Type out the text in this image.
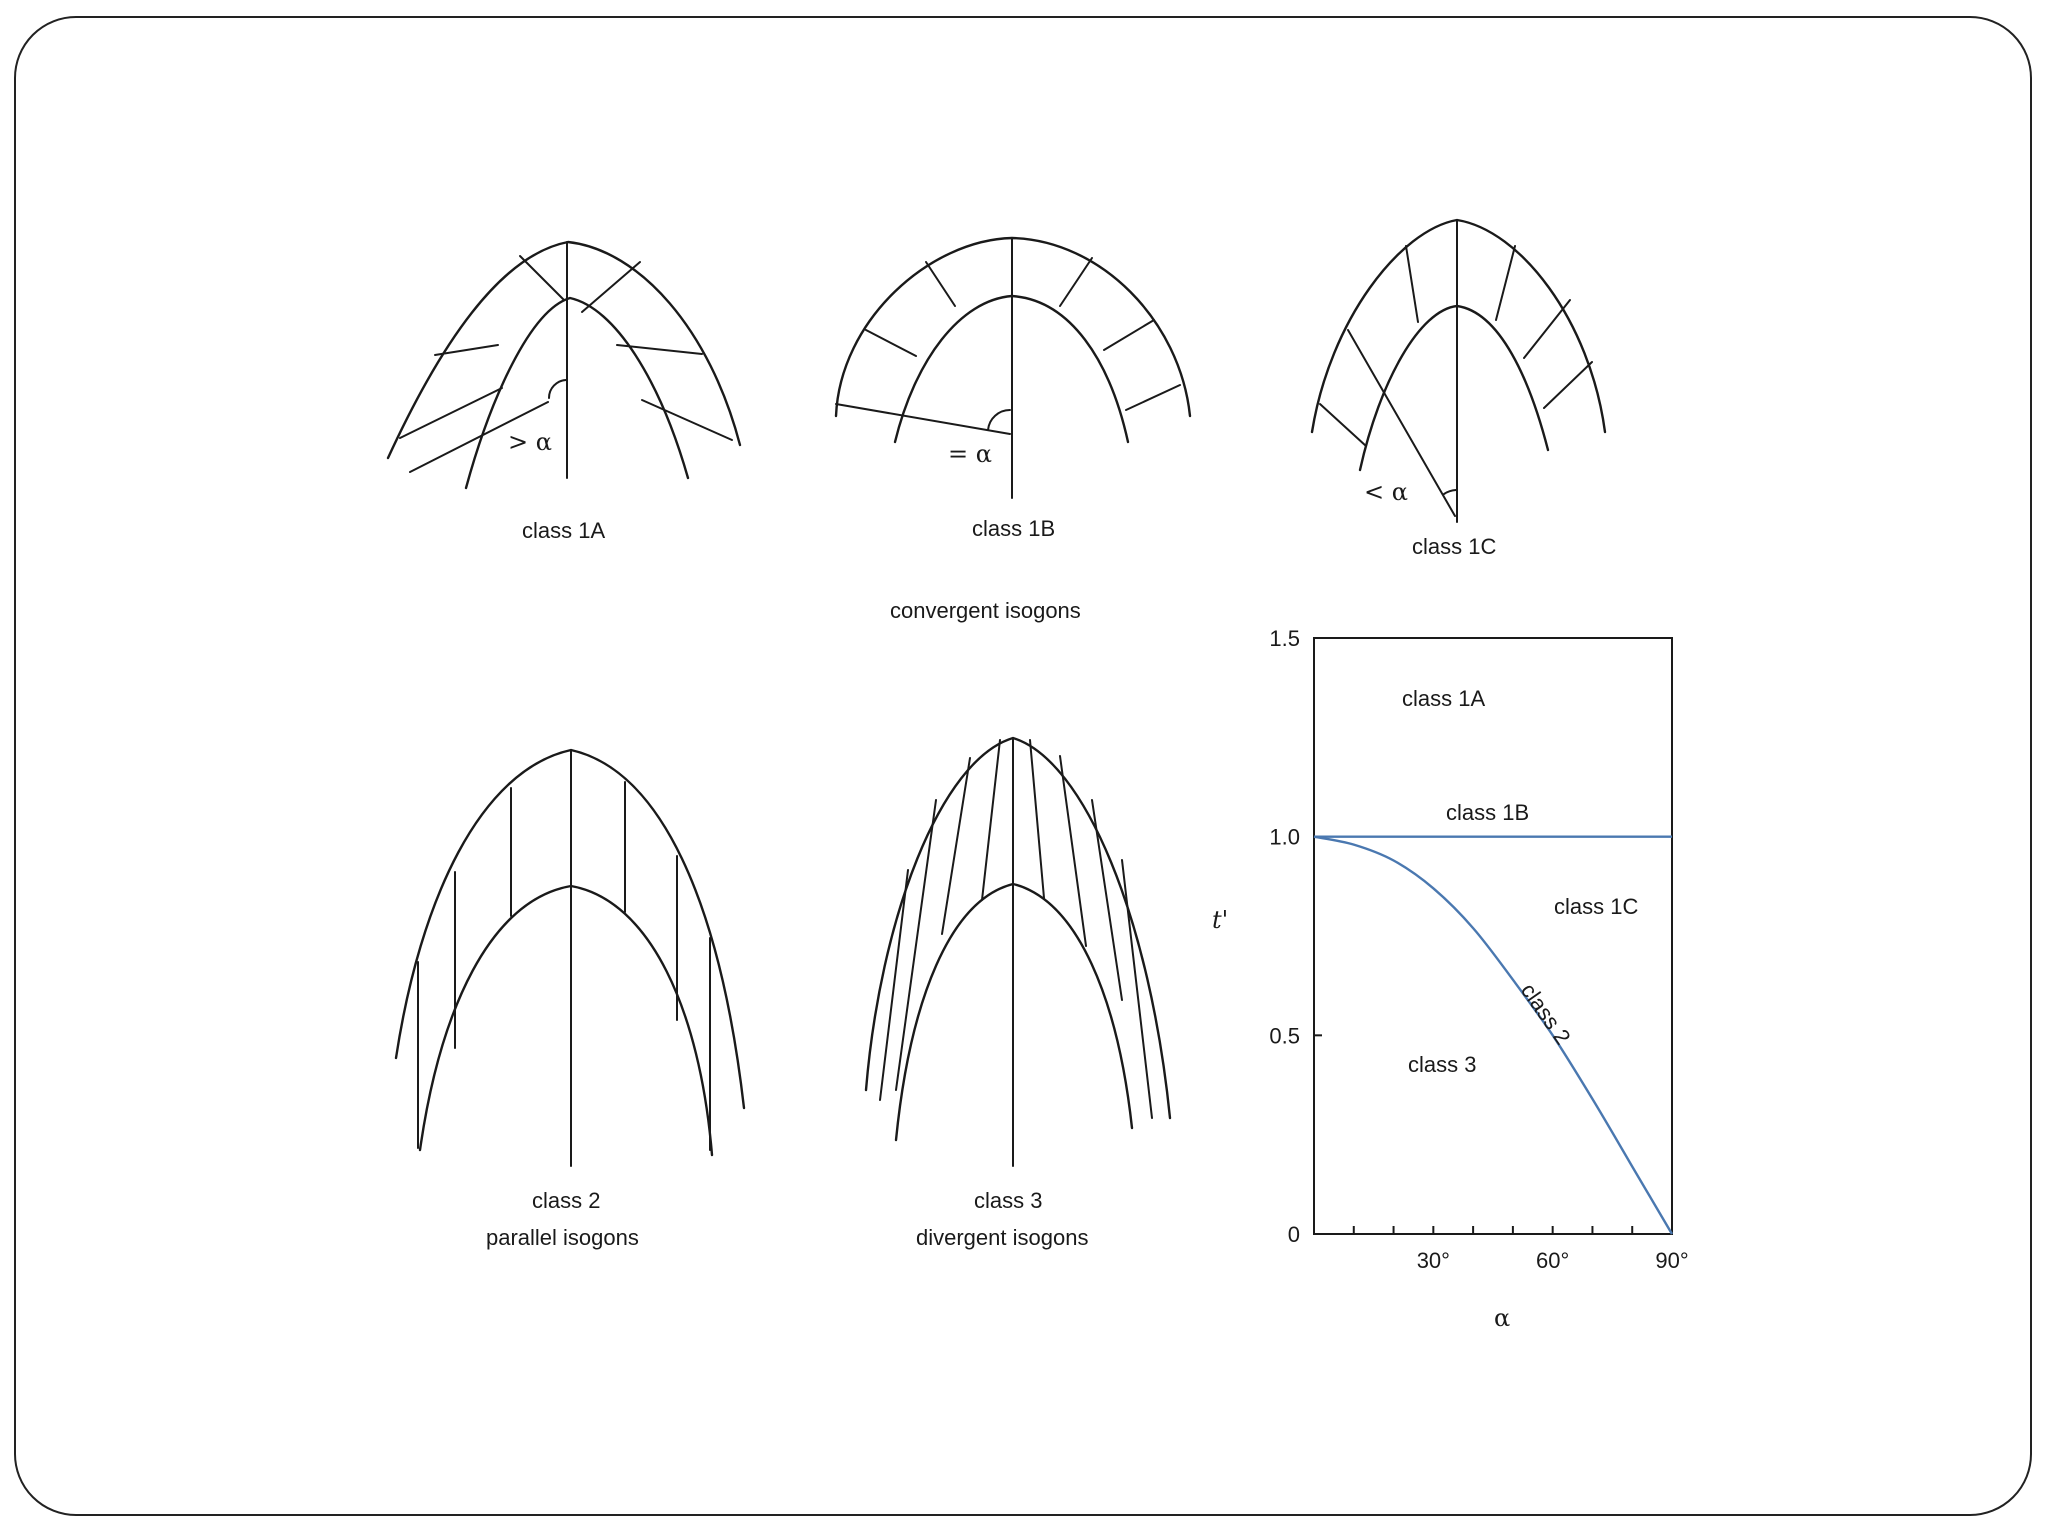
> α
class 1A
= α
class 1B
< α
class 1C
convergent isogons
class 2
parallel isogons
class 3
divergent isogons	0
0.5
1.0
1.5
30°	60°	90°
t'
α
class 1A
class 1B
class 1C
class 3
class 2
